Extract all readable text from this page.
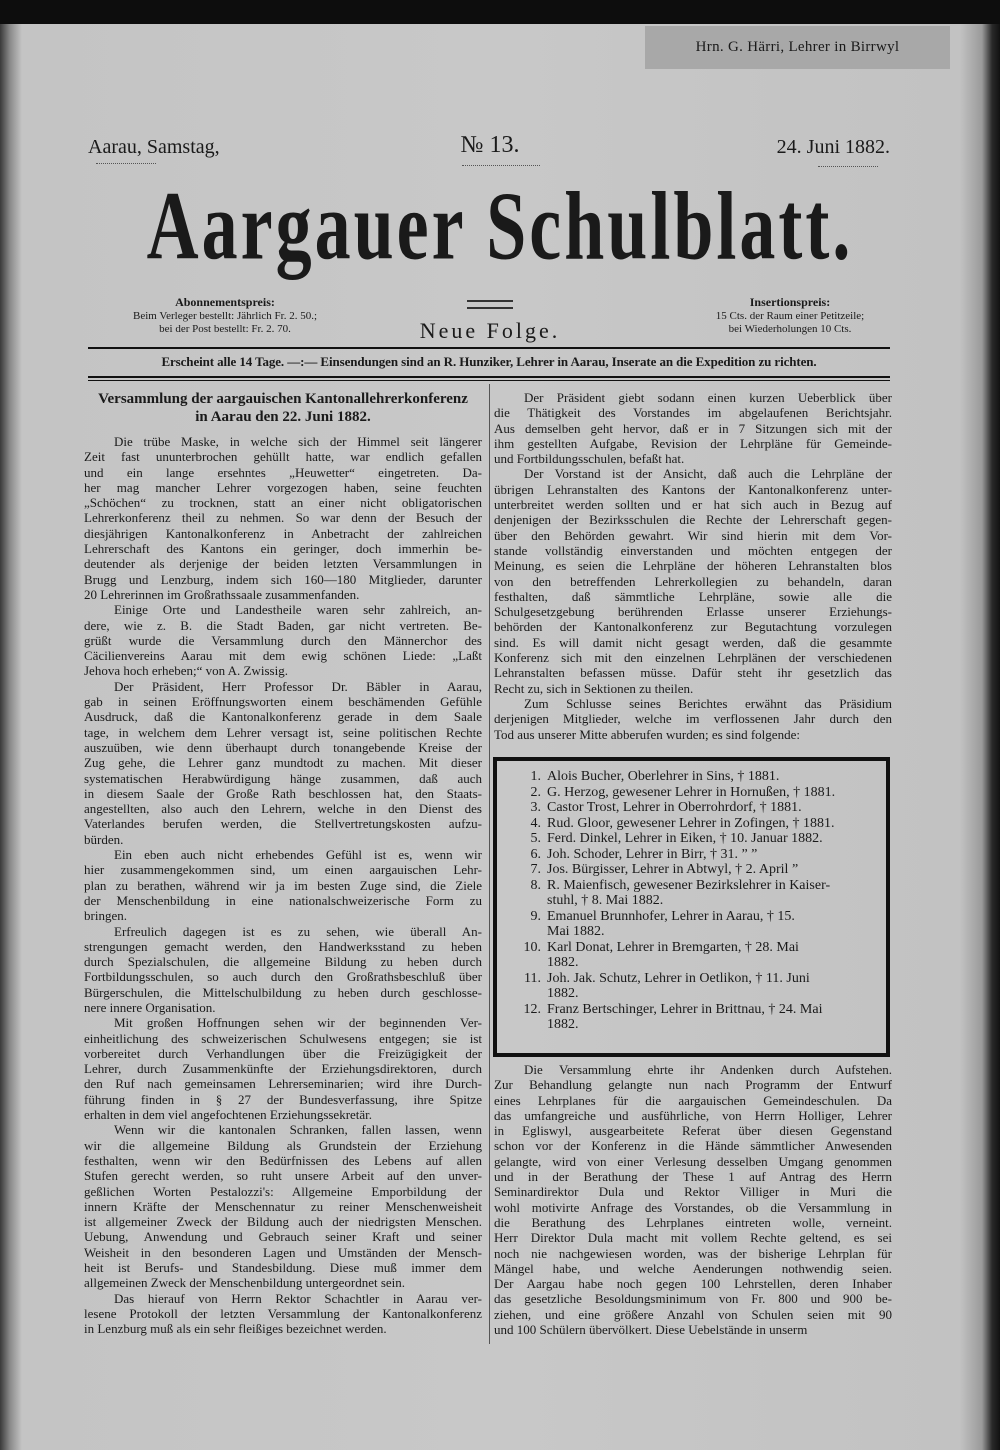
Hrn. G. Härri, Lehrer in Birrwyl
Aarau, Samstag,	№ 13.	24. Juni 1882.
Aargauer Schulblatt.
Abonnementspreis:
Beim Verleger bestellt: Jährlich Fr. 2. 50.;
bei der Post bestellt: Fr. 2. 70.	Neue Folge.
Insertionspreis:
15 Cts. der Raum einer Petitzeile;
bei Wiederholungen 10 Cts.
Erscheint alle 14 Tage. —:— Einsendungen sind an R. Hunziker, Lehrer in Aarau, Inserate an die Expedition zu richten.
Versammlung der aargauischen Kantonallehrerkonferenz
in Aarau den 22. Juni 1882.
Die trübe Maske, in welche sich der Himmel seit längerer
Zeit fast ununterbrochen gehüllt hatte, war endlich gefallen
und ein lange ersehntes „Heuwetter“ eingetreten. Da-
her mag mancher Lehrer vorgezogen haben, seine feuchten
„Schöchen“ zu trocknen, statt an einer nicht obligatorischen
Lehrerkonferenz theil zu nehmen. So war denn der Besuch der
diesjährigen Kantonalkonferenz in Anbetracht der zahlreichen
Lehrerschaft des Kantons ein geringer, doch immerhin be-
deutender als derjenige der beiden letzten Versammlungen in
Brugg und Lenzburg, indem sich 160—180 Mitglieder, darunter
20 Lehrerinnen im Großrathssaale zusammenfanden.
Einige Orte und Landestheile waren sehr zahlreich, an-
dere, wie z. B. die Stadt Baden, gar nicht vertreten. Be-
grüßt wurde die Versammlung durch den Männerchor des
Cäcilienvereins Aarau mit dem ewig schönen Liede: „Laßt
Jehova hoch erheben;“ von A. Zwissig.
Der Präsident, Herr Professor Dr. Bäbler in Aarau,
gab in seinen Eröffnungsworten einem beschämenden Gefühle
Ausdruck, daß die Kantonalkonferenz gerade in dem Saale
tage, in welchem dem Lehrer versagt ist, seine politischen Rechte
auszuüben, wie denn überhaupt durch tonangebende Kreise der
Zug gehe, die Lehrer ganz mundtodt zu machen. Mit dieser
systematischen Herabwürdigung hänge zusammen, daß auch
in diesem Saale der Große Rath beschlossen hat, den Staats-
angestellten, also auch den Lehrern, welche in den Dienst des
Vaterlandes berufen werden, die Stellvertretungskosten aufzu-
bürden.
Ein eben auch nicht erhebendes Gefühl ist es, wenn wir
hier zusammengekommen sind, um einen aargauischen Lehr-
plan zu berathen, während wir ja im besten Zuge sind, die Ziele
der Menschenbildung in eine nationalschweizerische Form zu
bringen.
Erfreulich dagegen ist es zu sehen, wie überall An-
strengungen gemacht werden, den Handwerksstand zu heben
durch Spezialschulen, die allgemeine Bildung zu heben durch
Fortbildungsschulen, so auch durch den Großrathsbeschluß über
Bürgerschulen, die Mittelschulbildung zu heben durch geschlosse-
nere innere Organisation.
Mit großen Hoffnungen sehen wir der beginnenden Ver-
einheitlichung des schweizerischen Schulwesens entgegen; sie ist
vorbereitet durch Verhandlungen über die Freizügigkeit der
Lehrer, durch Zusammenkünfte der Erziehungsdirektoren, durch
den Ruf nach gemeinsamen Lehrerseminarien; wird ihre Durch-
führung finden in § 27 der Bundesverfassung, ihre Spitze
erhalten in dem viel angefochtenen Erziehungssekretär.
Wenn wir die kantonalen Schranken, fallen lassen, wenn
wir die allgemeine Bildung als Grundstein der Erziehung
festhalten, wenn wir den Bedürfnissen des Lebens auf allen
Stufen gerecht werden, so ruht unsere Arbeit auf den unver-
geßlichen Worten Pestalozzi's: Allgemeine Emporbildung der
innern Kräfte der Menschennatur zu reiner Menschenweisheit
ist allgemeiner Zweck der Bildung auch der niedrigsten Menschen.
Uebung, Anwendung und Gebrauch seiner Kraft und seiner
Weisheit in den besonderen Lagen und Umständen der Mensch-
heit ist Berufs- und Standesbildung. Diese muß immer dem
allgemeinen Zweck der Menschenbildung untergeordnet sein.
Das hierauf von Herrn Rektor Schachtler in Aarau ver-
lesene Protokoll der letzten Versammlung der Kantonalkonferenz
in Lenzburg muß als ein sehr fleißiges bezeichnet werden.
Der Präsident giebt sodann einen kurzen Ueberblick über
die Thätigkeit des Vorstandes im abgelaufenen Berichtsjahr.
Aus demselben geht hervor, daß er in 7 Sitzungen sich mit der
ihm gestellten Aufgabe, Revision der Lehrpläne für Gemeinde-
und Fortbildungsschulen, befaßt hat.
Der Vorstand ist der Ansicht, daß auch die Lehrpläne der
übrigen Lehranstalten des Kantons der Kantonalkonferenz unter-
unterbreitet werden sollten und er hat sich auch in Bezug auf
denjenigen der Bezirksschulen die Rechte der Lehrerschaft gegen-
über den Behörden gewahrt. Wir sind hierin mit dem Vor-
stande vollständig einverstanden und möchten entgegen der
Meinung, es seien die Lehrpläne der höheren Lehranstalten blos
von den betreffenden Lehrerkollegien zu behandeln, daran
festhalten, daß sämmtliche Lehrpläne, sowie alle die
Schulgesetzgebung berührenden Erlasse unserer Erziehungs-
behörden der Kantonalkonferenz zur Begutachtung vorzulegen
sind. Es will damit nicht gesagt werden, daß die gesammte
Konferenz sich mit den einzelnen Lehrplänen der verschiedenen
Lehranstalten befassen müsse. Dafür steht ihr gesetzlich das
Recht zu, sich in Sektionen zu theilen.
Zum Schlusse seines Berichtes erwähnt das Präsidium
derjenigen Mitglieder, welche im verflossenen Jahr durch den
Tod aus unserer Mitte abberufen wurden; es sind folgende:
1. Alois Bucher, Oberlehrer in Sins, † 1881.
2. G. Herzog, gewesener Lehrer in Hornußen, † 1881.
3. Castor Trost, Lehrer in Oberrohrdorf, † 1881.
4. Rud. Gloor, gewesener Lehrer in Zofingen, † 1881.
5. Ferd. Dinkel, Lehrer in Eiken, † 10. Januar 1882.
6. Joh. Schoder, Lehrer in Birr, † 31. ” ”
7. Jos. Bürgisser, Lehrer in Abtwyl, † 2. April ”
8. R. Maienfisch, gewesener Bezirkslehrer in Kaiser-
stuhl, † 8. Mai 1882.
9. Emanuel Brunnhofer, Lehrer in Aarau, † 15.
Mai 1882.
10. Karl Donat, Lehrer in Bremgarten, † 28. Mai
1882.
11. Joh. Jak. Schutz, Lehrer in Oetlikon, † 11. Juni
1882.
12. Franz Bertschinger, Lehrer in Brittnau, † 24. Mai
1882.
Die Versammlung ehrte ihr Andenken durch Aufstehen.
Zur Behandlung gelangte nun nach Programm der Entwurf
eines Lehrplanes für die aargauischen Gemeindeschulen. Da
das umfangreiche und ausführliche, von Herrn Holliger, Lehrer
in Egliswyl, ausgearbeitete Referat über diesen Gegenstand
schon vor der Konferenz in die Hände sämmtlicher Anwesenden
gelangte, wird von einer Verlesung desselben Umgang genommen
und in der Berathung der These 1 auf Antrag des Herrn
Seminardirektor Dula und Rektor Villiger in Muri die
wohl motivirte Anfrage des Vorstandes, ob die Versammlung in
die Berathung des Lehrplanes eintreten wolle, verneint.
Herr Direktor Dula macht mit vollem Rechte geltend, es sei
noch nie nachgewiesen worden, was der bisherige Lehrplan für
Mängel habe, und welche Aenderungen nothwendig seien.
Der Aargau habe noch gegen 100 Lehrstellen, deren Inhaber
das gesetzliche Besoldungsminimum von Fr. 800 und 900 be-
ziehen, und eine größere Anzahl von Schulen seien mit 90
und 100 Schülern übervölkert. Diese Uebelstände in unserm
